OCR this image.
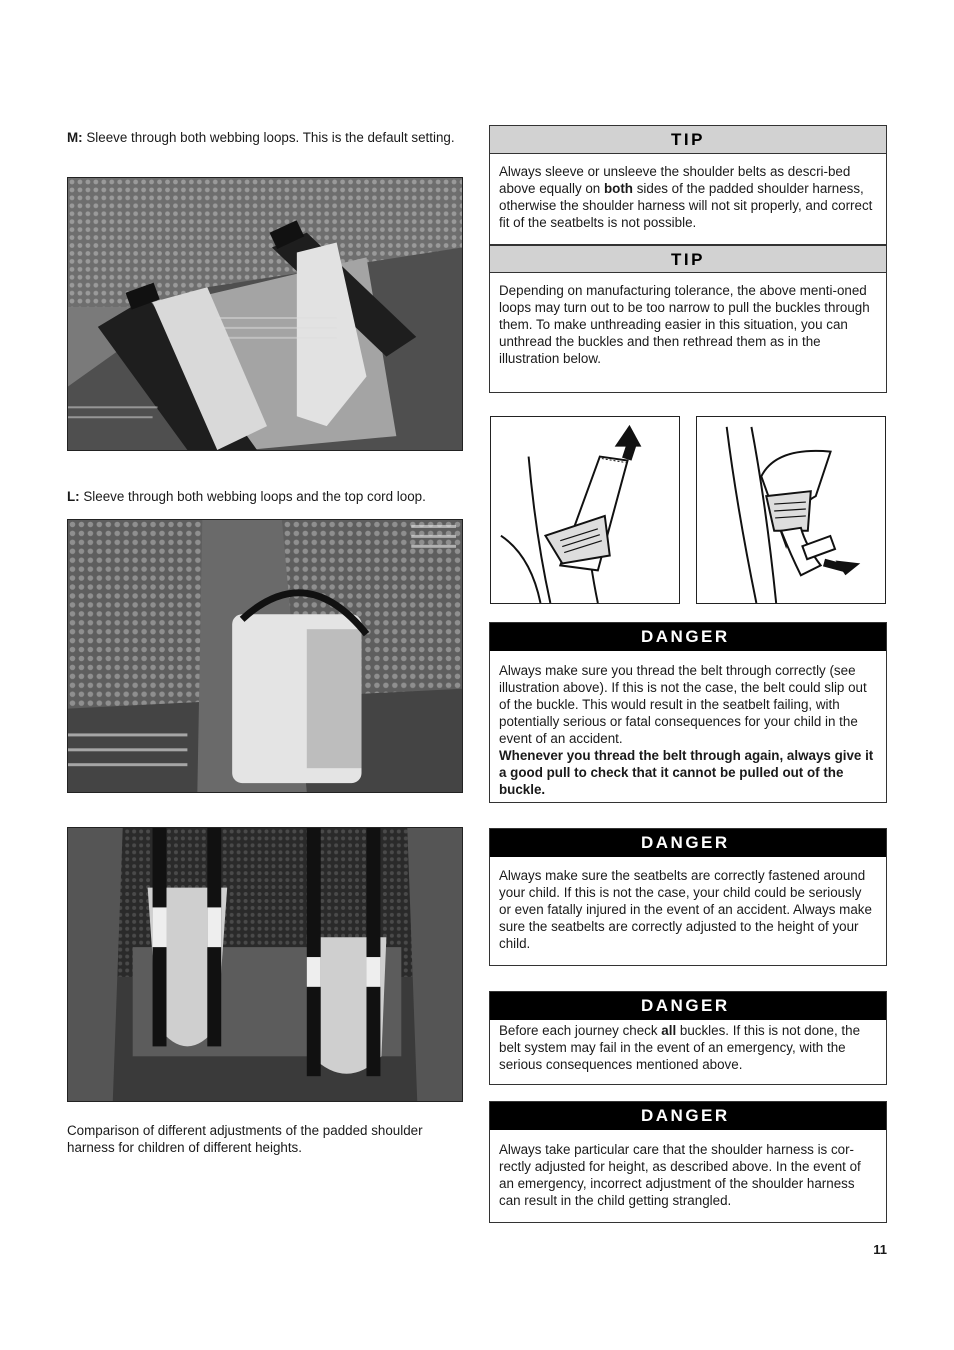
M: Sleeve through both webbing loops. This is the default setting.
L: Sleeve through both webbing loops and the top cord loop.
Comparison of different adjustments of the padded shoulder harness for children of different heights.
TIP

Always sleeve or unsleeve the shoulder belts as descri-bed above equally on both sides of the padded shoulder harness, otherwise the shoulder harness will not sit properly, and correct fit of the seatbelts is not possible.

TIP

Depending on manufacturing tolerance, the above menti-oned loops may turn out to be too narrow to pull the buckles through them. To make unthreading easier in this situation, you can unthread the buckles and then rethread them as in the illustration below.

DANGER

Always make sure you thread the belt through correctly (see illustration above). If this is not the case, the belt could slip out of the buckle. This would result in the seatbelt failing, with potentially serious or fatal consequences for your child in the event of an accident.

Whenever you thread the belt through again, always give it a good pull to check that it cannot be pulled out of the buckle.

DANGER

Always make sure the seatbelts are correctly fastened around your child. If this is not the case, your child could be seriously or even fatally injured in the event of an accident. Always make sure the seatbelts are correctly adjusted to the height of your child.

DANGER

Before each journey check all buckles. If this is not done, the belt system may fail in the event of an emergency, with the serious consequences mentioned above.

DANGER

Always take particular care that the shoulder harness is cor-rectly adjusted for height, as described above. In the event of an emergency, incorrect adjustment of the shoulder harness can result in the child getting strangled.

11
